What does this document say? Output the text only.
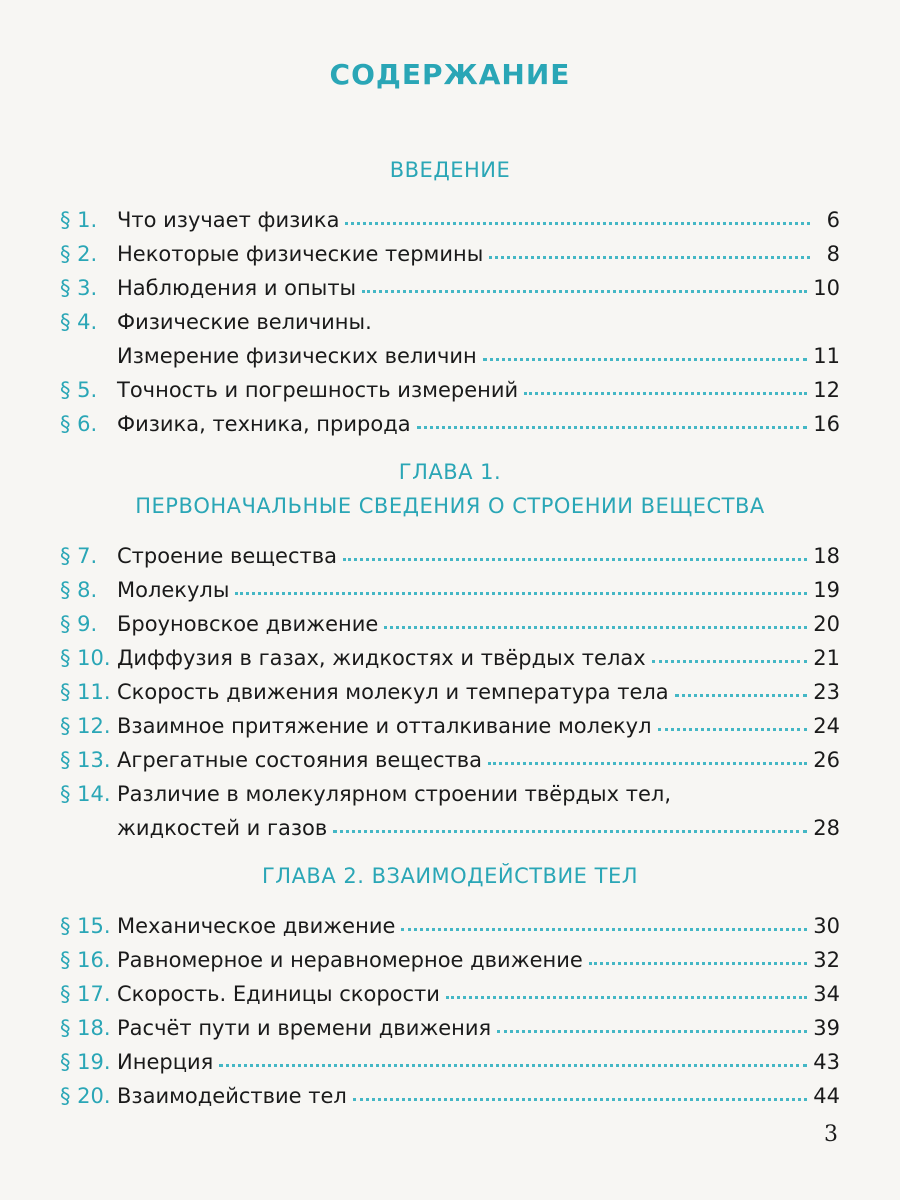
СОДЕРЖАНИЕ
ВВЕДЕНИЕ
§ 1. Что изучает физика	6
§ 2. Некоторые физические термины	8
§ 3. Наблюдения и опыты	10
§ 4. Физические величины.
Измерение физических величин	11
§ 5. Точность и погрешность измерений	12
§ 6. Физика, техника, природа	16
ГЛАВА 1.
ПЕРВОНАЧАЛЬНЫЕ СВЕДЕНИЯ О СТРОЕНИИ ВЕЩЕСТВА
§ 7. Строение вещества	18
§ 8. Молекулы	19
§ 9. Броуновское движение	20
§ 10. Диффузия в газах, жидкостях и твёрдых телах	21
§ 11. Скорость движения молекул и температура тела	23
§ 12. Взаимное притяжение и отталкивание молекул	24
§ 13. Агрегатные состояния вещества	26
§ 14. Различие в молекулярном строении твёрдых тел,
жидкостей и газов	28
ГЛАВА 2. ВЗАИМОДЕЙСТВИЕ ТЕЛ
§ 15. Механическое движение	30
§ 16. Равномерное и неравномерное движение	32
§ 17. Скорость. Единицы скорости	34
§ 18. Расчёт пути и времени движения	39
§ 19. Инерция	43
§ 20. Взаимодействие тел	44
3
